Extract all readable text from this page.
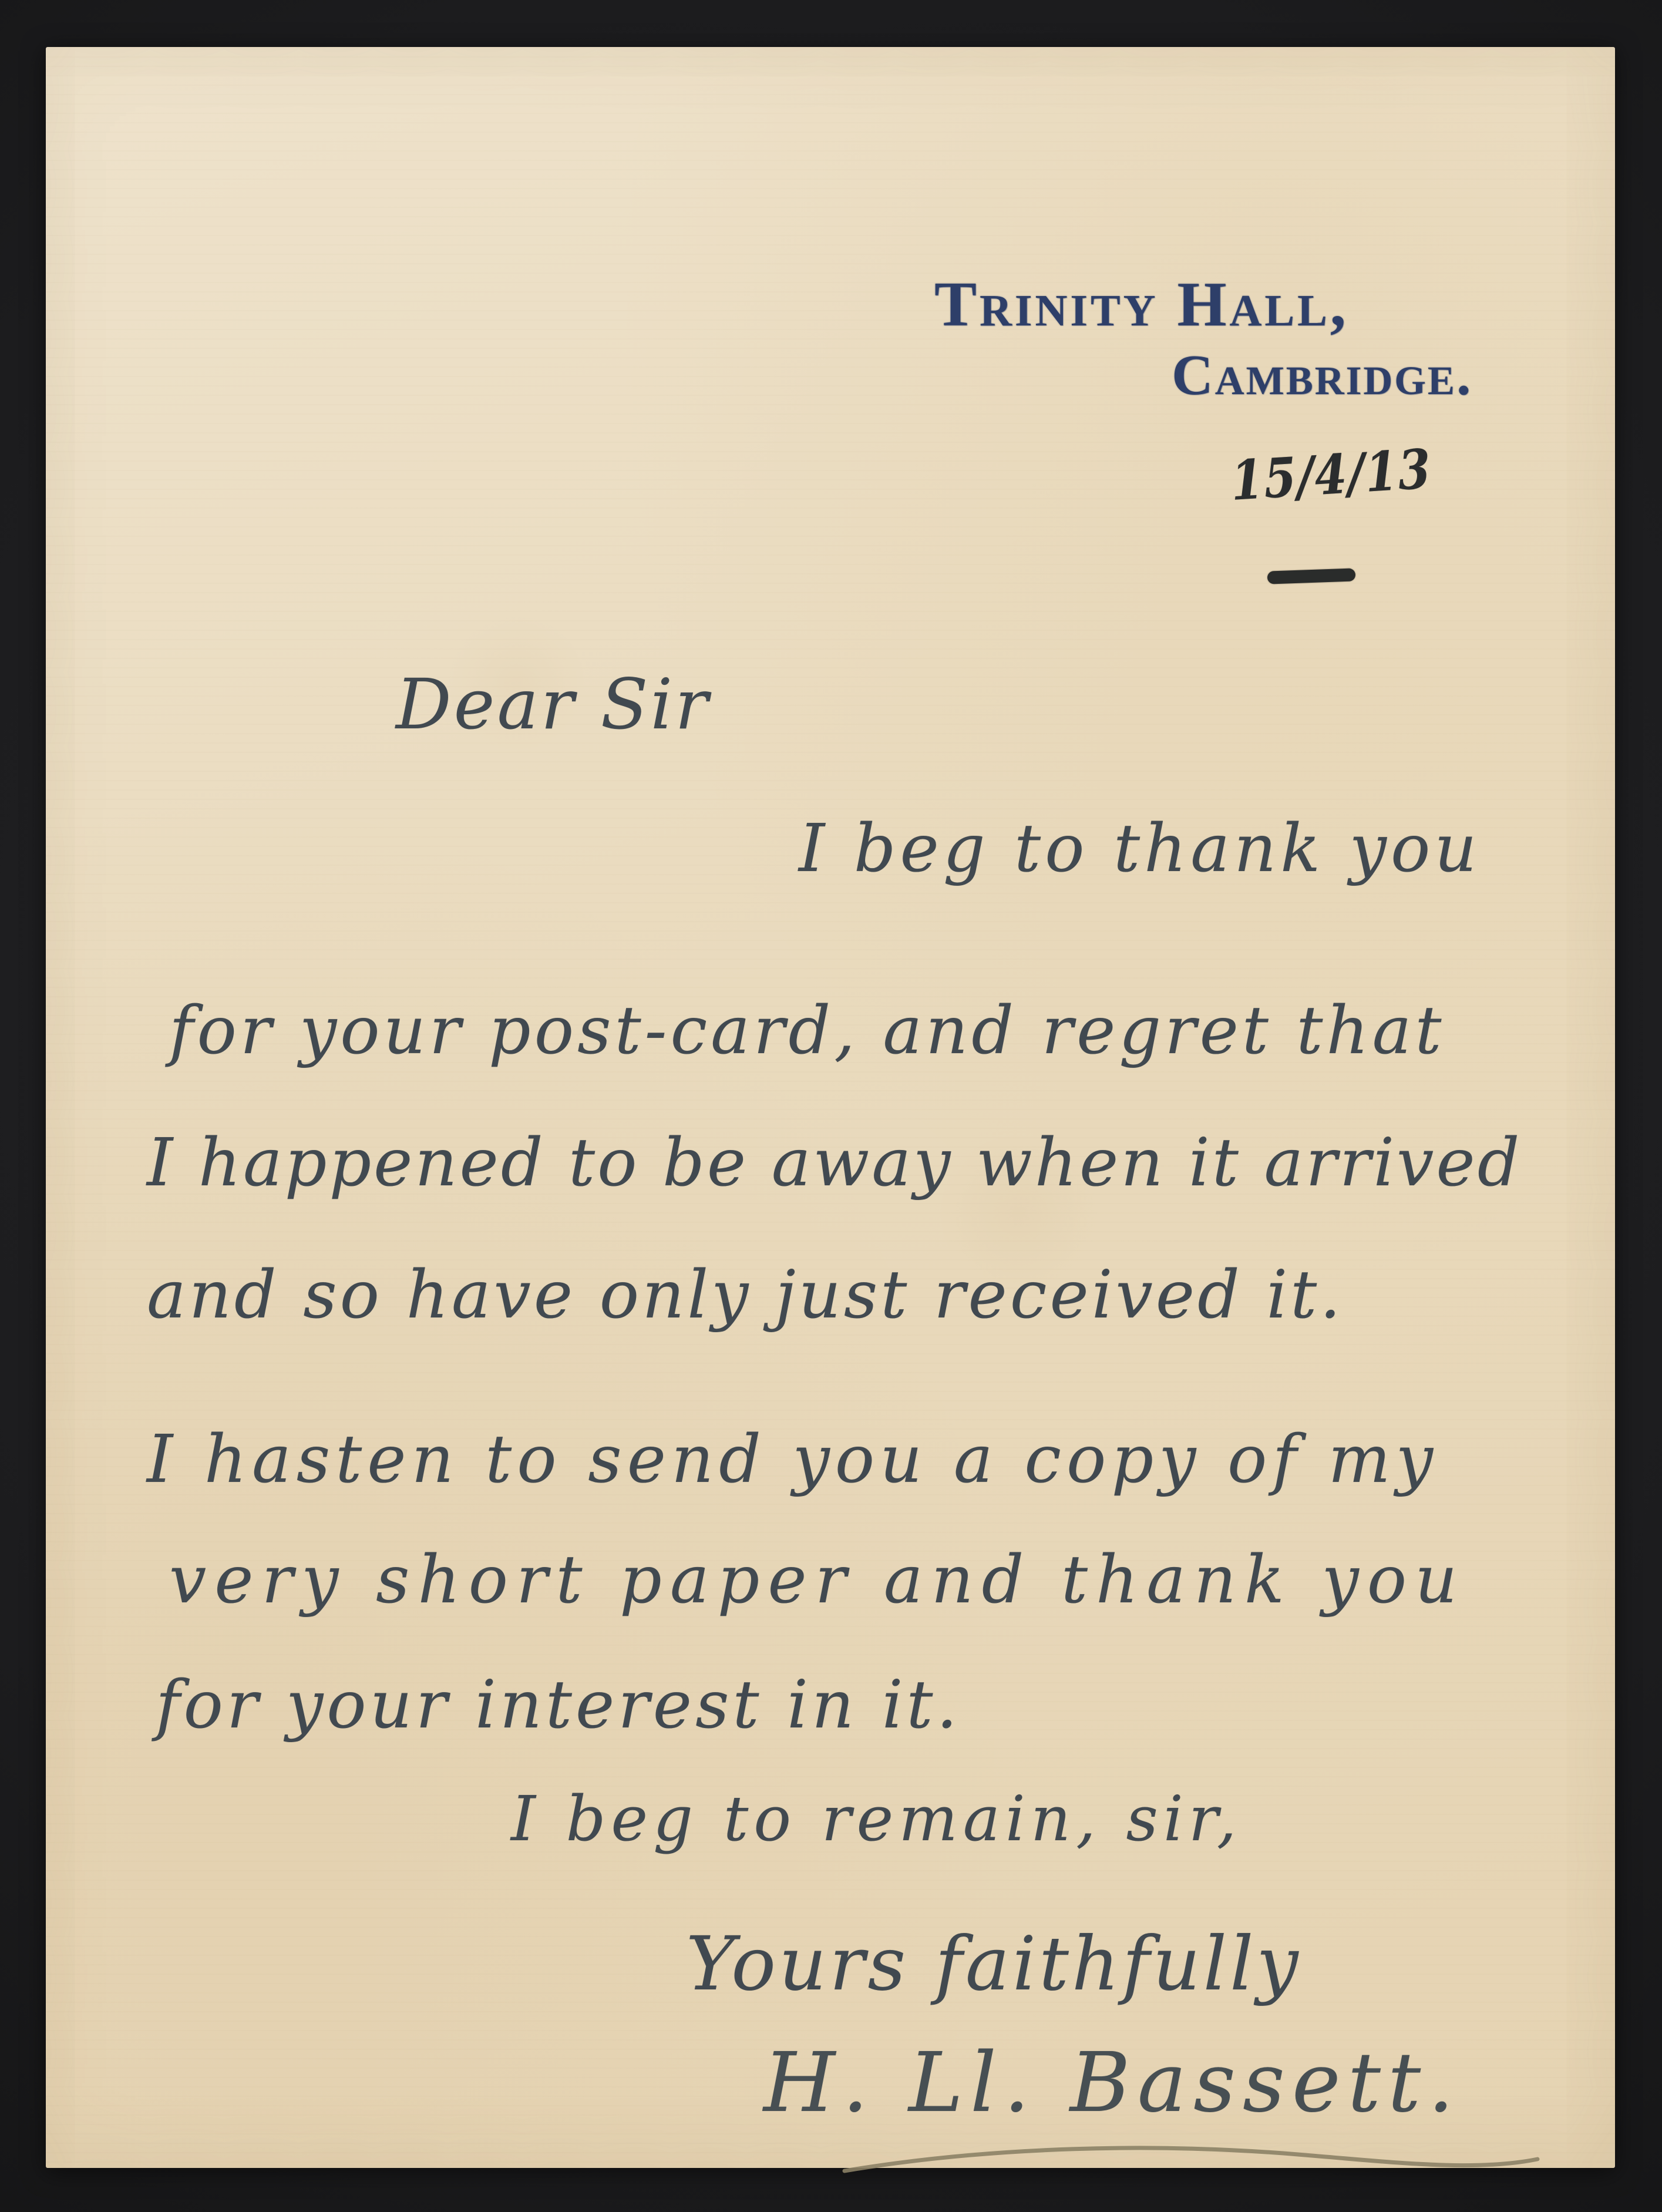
Trinity Hall,
Cambridge.
15/4/13
Dear Sir
I beg to thank you
for your post-card, and regret that
I happened to be away when it arrived
and so have only just received it.
I hasten to send you a copy of my
very short paper and thank you
for your interest in it.
I beg to remain, sir,
Yours faithfully
H. Ll. Bassett.
